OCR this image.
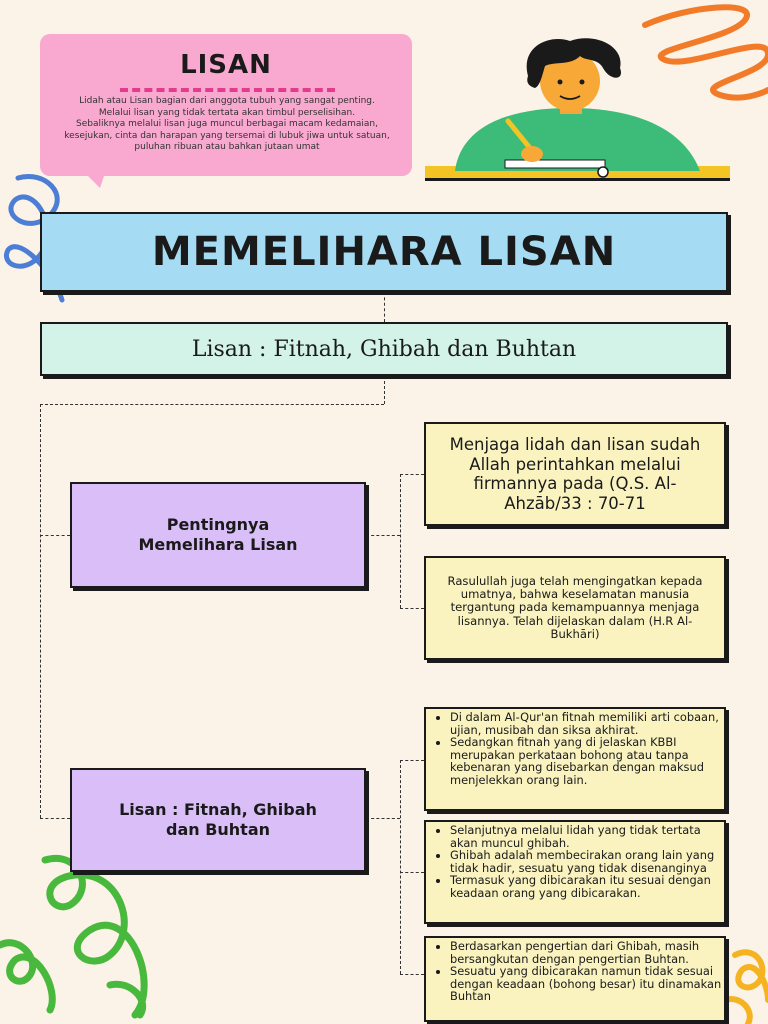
LISAN

Lidah atau Lisan bagian dari anggota tubuh yang sangat penting. Melalui lisan yang tidak tertata akan timbul perselisihan.

Sebaliknya melalui lisan juga muncul berbagai macam kedamaian, kesejukan, cinta dan harapan yang tersemai di lubuk jiwa untuk satuan, puluhan ribuan atau bahkan jutaan umat

MEMELIHARA LISAN
Lisan : Fitnah, Ghibah dan Buhtan
Pentingnya Memelihara Lisan
Menjaga lidah dan lisan sudah Allah perintahkan melalui firmannya pada (Q.S. Al-Ahzāb/33 : 70-71
Rasulullah juga telah mengingatkan kepada umatnya, bahwa keselamatan manusia tergantung pada kemampuannya menjaga lisannya. Telah dijelaskan dalam (H.R Al-Bukhāri)
Lisan : Fitnah, Ghibah dan Buhtan
• Di dalam Al-Qur'an fitnah memiliki arti cobaan, ujian, musibah dan siksa akhirat.
• Sedangkan fitnah yang di jelaskan KBBI merupakan perkataan bohong atau tanpa kebenaran yang disebarkan dengan maksud menjelekkan orang lain.
• Selanjutnya melalui lidah yang tidak tertata akan muncul ghibah.
• Ghibah adalah membecirakan orang lain yang tidak hadir, sesuatu yang tidak disenanginya
• Termasuk yang dibicarakan itu sesuai dengan keadaan orang yang dibicarakan.
• Berdasarkan pengertian dari Ghibah, masih bersangkutan dengan pengertian Buhtan.
• Sesuatu yang dibicarakan namun tidak sesuai dengan keadaan (bohong besar) itu dinamakan Buhtan
